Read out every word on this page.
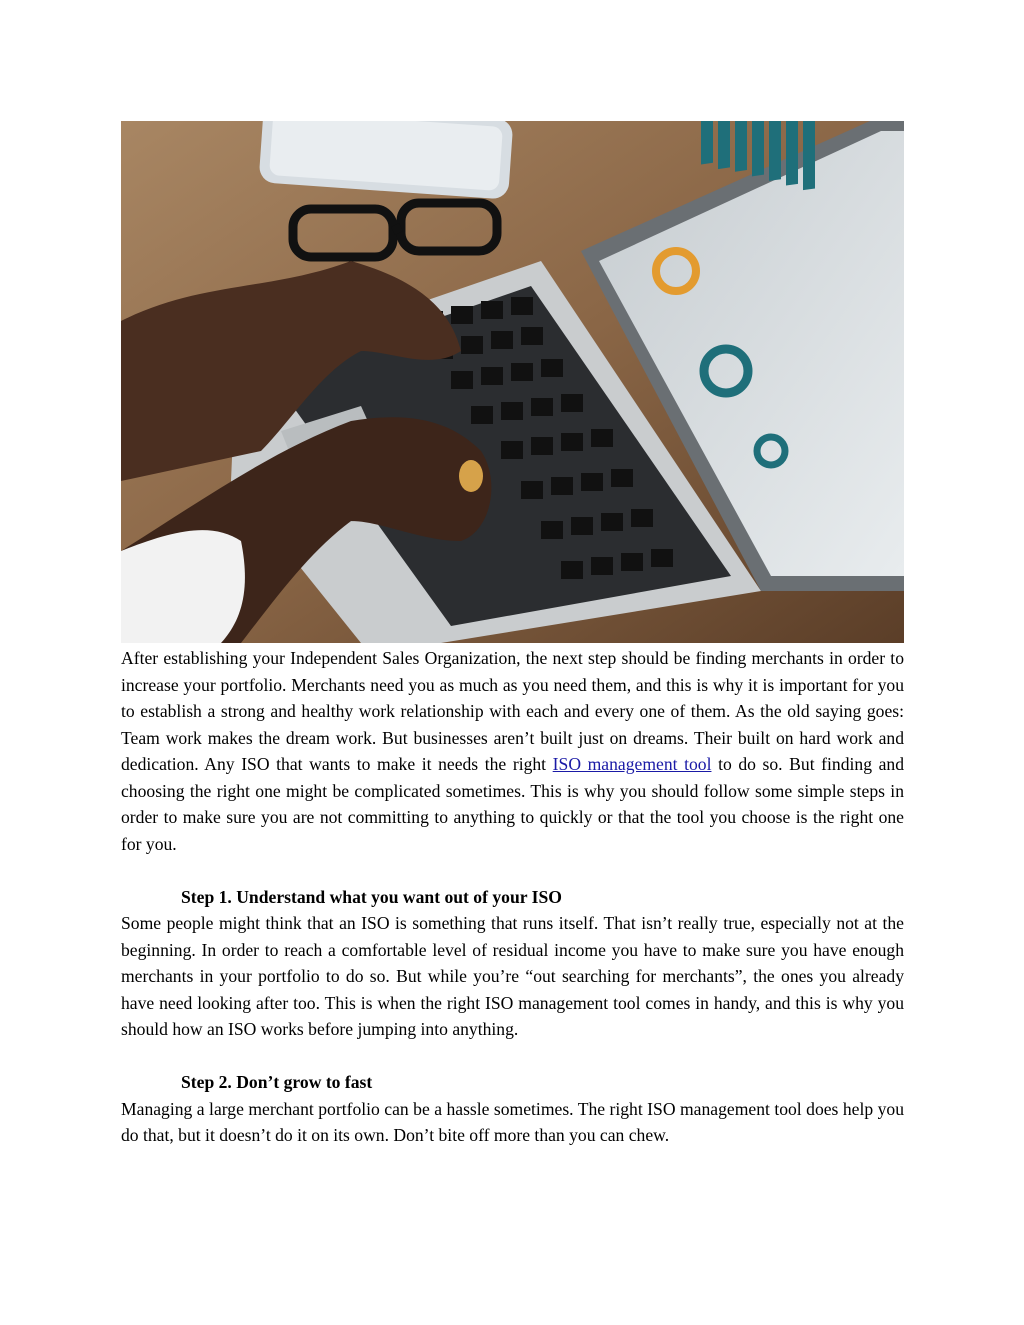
After establishing your Independent Sales Organization, the next step should be finding merchants in order to increase your portfolio. Merchants need you as much as you need them, and this is why it is important for you to establish a strong and healthy work relationship with each and every one of them. As the old saying goes: Team work makes the dream work. But businesses aren’t built just on dreams. Their built on hard work and dedication. Any ISO that wants to make it needs the right ISO management tool to do so. But finding and choosing the right one might be complicated sometimes. This is why you should follow some simple steps in order to make sure you are not committing to anything to quickly or that the tool you choose is the right one for you.

Step 1. Understand what you want out of your ISO

Some people might think that an ISO is something that runs itself. That isn’t really true, especially not at the beginning. In order to reach a comfortable level of residual income you have to make sure you have enough merchants in your portfolio to do so. But while you’re “out searching for merchants”, the ones you already have need looking after too. This is when the right ISO management tool comes in handy, and this is why you should how an ISO works before jumping into anything.

Step 2. Don’t grow to fast

Managing a large merchant portfolio can be a hassle sometimes. The right ISO management tool does help you do that, but it doesn’t do it on its own. Don’t bite off more than you can chew.
